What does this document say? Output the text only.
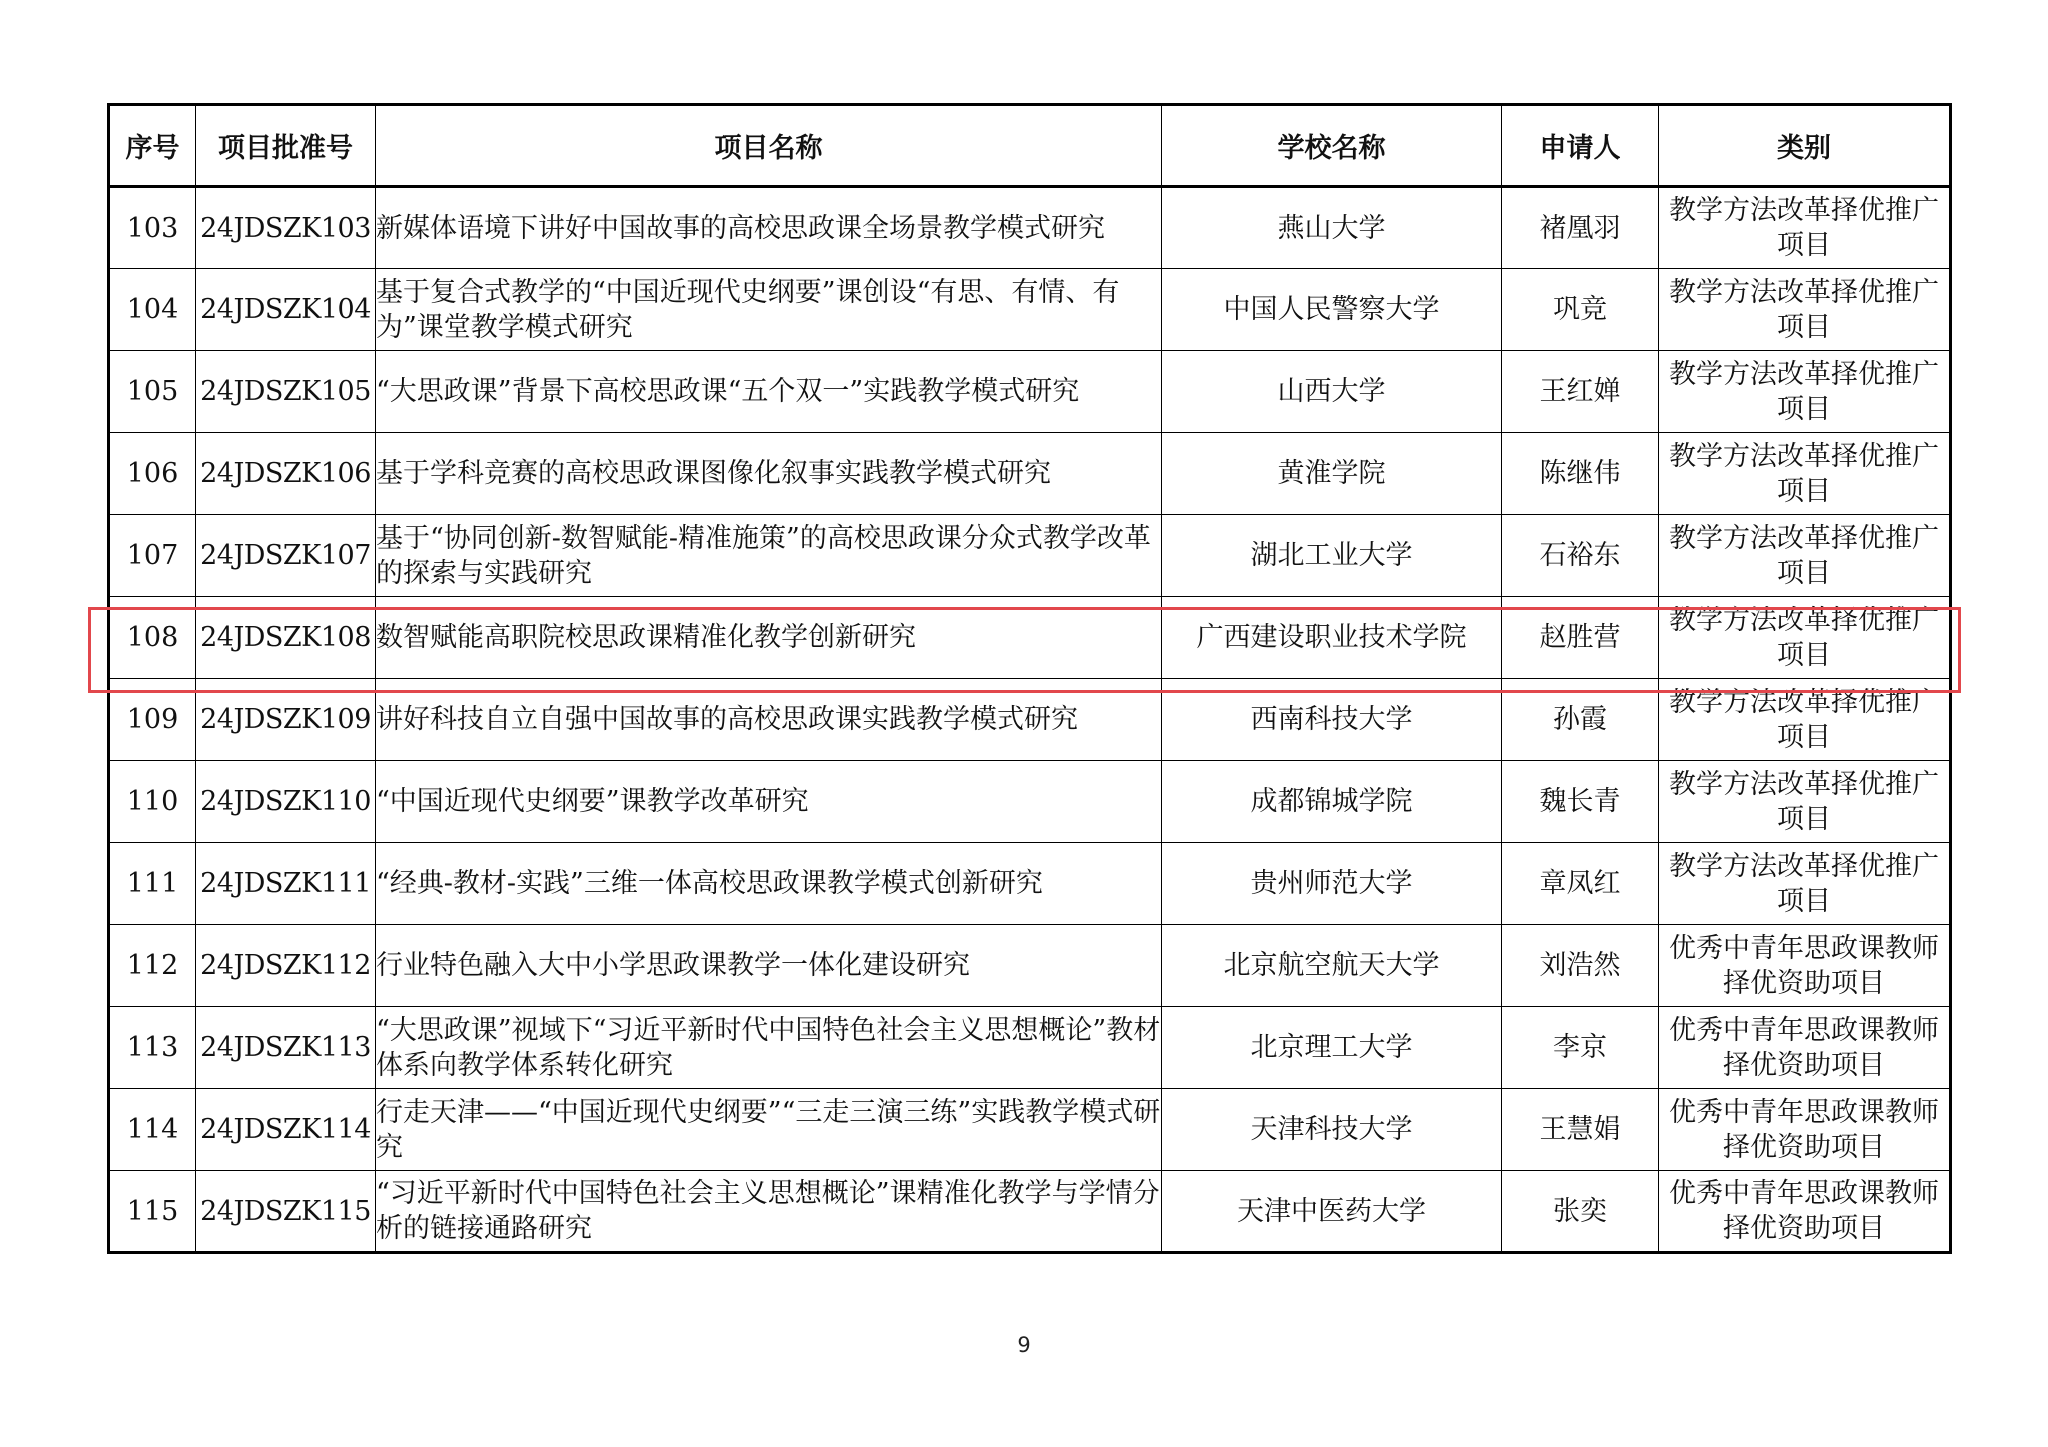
序号	项目批准号	项目名称	学校名称	申请人	类别
103	24JDSZK103	新媒体语境下讲好中国故事的高校思政课全场景教学模式研究	燕山大学	褚凰羽	教学方法改革择优推广项目
104	24JDSZK104	基于复合式教学的“中国近现代史纲要”课创设“有思、有情、有为”课堂教学模式研究	中国人民警察大学	巩竞	教学方法改革择优推广项目
105	24JDSZK105	“大思政课”背景下高校思政课“五个双一”实践教学模式研究	山西大学	王红婵	教学方法改革择优推广项目
106	24JDSZK106	基于学科竞赛的高校思政课图像化叙事实践教学模式研究	黄淮学院	陈继伟	教学方法改革择优推广项目
107	24JDSZK107	基于“协同创新-数智赋能-精准施策”的高校思政课分众式教学改革的探索与实践研究	湖北工业大学	石裕东	教学方法改革择优推广项目
108	24JDSZK108	数智赋能高职院校思政课精准化教学创新研究	广西建设职业技术学院	赵胜营	教学方法改革择优推广项目
109	24JDSZK109	讲好科技自立自强中国故事的高校思政课实践教学模式研究	西南科技大学	孙霞	教学方法改革择优推广项目
110	24JDSZK110	“中国近现代史纲要”课教学改革研究	成都锦城学院	魏长青	教学方法改革择优推广项目
111	24JDSZK111	“经典-教材-实践”三维一体高校思政课教学模式创新研究	贵州师范大学	章凤红	教学方法改革择优推广项目
112	24JDSZK112	行业特色融入大中小学思政课教学一体化建设研究	北京航空航天大学	刘浩然	优秀中青年思政课教师择优资助项目
113	24JDSZK113	“大思政课”视域下“习近平新时代中国特色社会主义思想概论”教材体系向教学体系转化研究	北京理工大学	李京	优秀中青年思政课教师择优资助项目
114	24JDSZK114	行走天津——“中国近现代史纲要”“三走三演三练”实践教学模式研究	天津科技大学	王慧娟	优秀中青年思政课教师择优资助项目
115	24JDSZK115	“习近平新时代中国特色社会主义思想概论”课精准化教学与学情分析的链接通路研究	天津中医药大学	张奕	优秀中青年思政课教师择优资助项目
9
